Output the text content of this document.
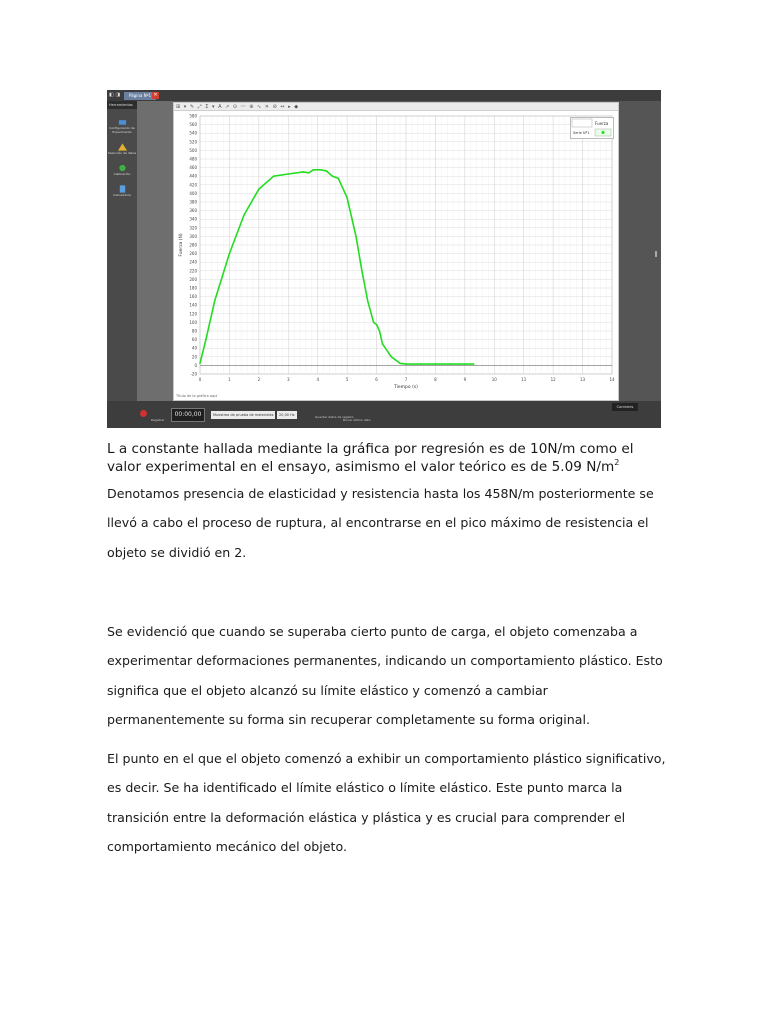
◧ ◨	Página Nº1 ✕
Herramientas
Configuración de Experimento
Selección de datos
Calibración
Calculadora
⊞ ▾ ✎ ⤢ Σ ▾ A ↗ ⊙ 〰 ⊕ ∿ ✕ ⊘ ↔ ▸ ◆
-20
0
20
40
60
80
100
120
140
160
180
200
220
240
260
280
300
320
340
360
380
400
420
440
460
480
500
520
540
560
580
0	1	2	3	4	5	6	7	8	9	10	11	12	13	14
Tiempo (s)
Fuerza (N)
Fuerza
Serie Nº1
Título de la gráfica aquí
Registrar
00:00,00	Muestreo de prueba de materiales ▾
20,00 Hz	Guardar datos de registro
Borrar último dato
Controles

L a constante hallada mediante la gráfica por regresión es de 10N/m como el valor experimental en el ensayo, asimismo el valor teórico es de 5.09 $N/m^2$

Denotamos presencia de elasticidad y resistencia hasta los 458N/m posteriormente se llevó a cabo el proceso de ruptura, al encontrarse en el pico máximo de resistencia el objeto se dividió en 2.

Se evidenció que cuando se superaba cierto punto de carga, el objeto comenzaba a experimentar deformaciones permanentes, indicando un comportamiento plástico. Esto significa que el objeto alcanzó su límite elástico y comenzó a cambiar permanentemente su forma sin recuperar completamente su forma original.

El punto en el que el objeto comenzó a exhibir un comportamiento plástico significativo, es decir. Se ha identificado el límite elástico o límite elástico. Este punto marca la transición entre la deformación elástica y plástica y es crucial para comprender el comportamiento mecánico del objeto.
